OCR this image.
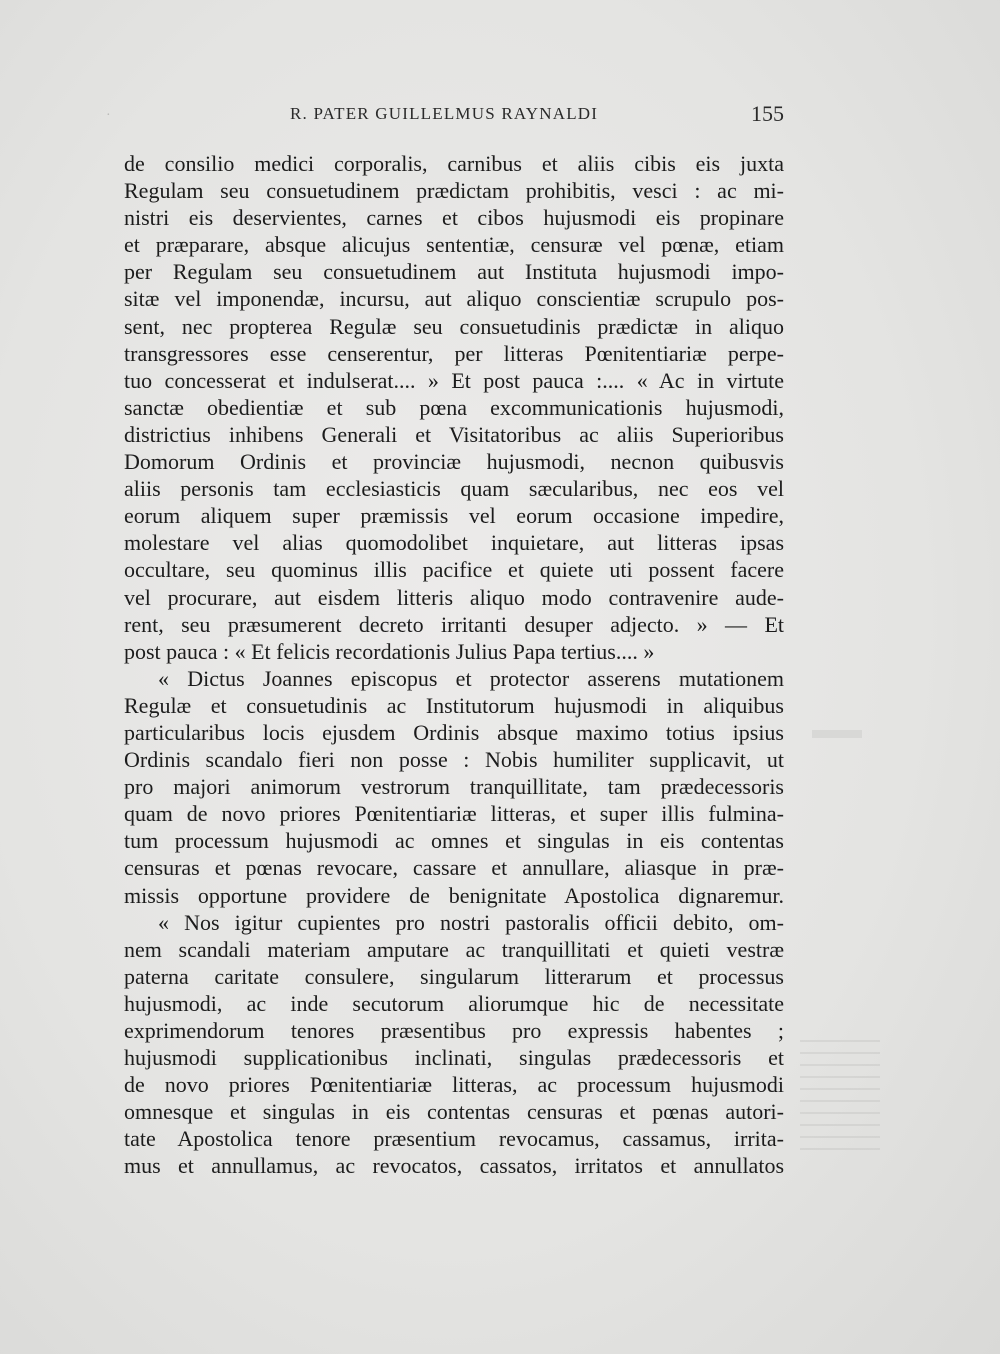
·	R. PATER GUILLELMUS RAYNALDI	155
de consilio medici corporalis, carnibus et aliis cibis eis juxta
Regulam seu consuetudinem prædictam prohibitis, vesci : ac mi-
nistri eis deservientes, carnes et cibos hujusmodi eis propinare
et præparare, absque alicujus sententiæ, censuræ vel pœnæ, etiam
per Regulam seu consuetudinem aut Instituta hujusmodi impo-
sitæ vel imponendæ, incursu, aut aliquo conscientiæ scrupulo pos-
sent, nec propterea Regulæ seu consuetudinis prædictæ in aliquo
transgressores esse censerentur, per litteras Pœnitentiariæ perpe-
tuo concesserat et indulserat.... » Et post pauca :.... « Ac in virtute
sanctæ obedientiæ et sub pœna excommunicationis hujusmodi,
districtius inhibens Generali et Visitatoribus ac aliis Superioribus
Domorum Ordinis et provinciæ hujusmodi, necnon quibusvis
aliis personis tam ecclesiasticis quam sæcularibus, nec eos vel
eorum aliquem super præmissis vel eorum occasione impedire,
molestare vel alias quomodolibet inquietare, aut litteras ipsas
occultare, seu quominus illis pacifice et quiete uti possent facere
vel procurare, aut eisdem litteris aliquo modo contravenire aude-
rent, seu præsumerent decreto irritanti desuper adjecto. » — Et
post pauca : « Et felicis recordationis Julius Papa tertius.... »
« Dictus Joannes episcopus et protector asserens mutationem
Regulæ et consuetudinis ac Institutorum hujusmodi in aliquibus
particularibus locis ejusdem Ordinis absque maximo totius ipsius
Ordinis scandalo fieri non posse : Nobis humiliter supplicavit, ut
pro majori animorum vestrorum tranquillitate, tam prædecessoris
quam de novo priores Pœnitentiariæ litteras, et super illis fulmina-
tum processum hujusmodi ac omnes et singulas in eis contentas
censuras et pœnas revocare, cassare et annullare, aliasque in præ-
missis opportune providere de benignitate Apostolica dignaremur.
« Nos igitur cupientes pro nostri pastoralis officii debito, om-
nem scandali materiam amputare ac tranquillitati et quieti vestræ
paterna caritate consulere, singularum litterarum et processus
hujusmodi, ac inde secutorum aliorumque hic de necessitate
exprimendorum tenores præsentibus pro expressis habentes ;
hujusmodi supplicationibus inclinati, singulas prædecessoris et
de novo priores Pœnitentiariæ litteras, ac processum hujusmodi
omnesque et singulas in eis contentas censuras et pœnas autori-
tate Apostolica tenore præsentium revocamus, cassamus, irrita-
mus et annullamus, ac revocatos, cassatos, irritatos et annullatos
